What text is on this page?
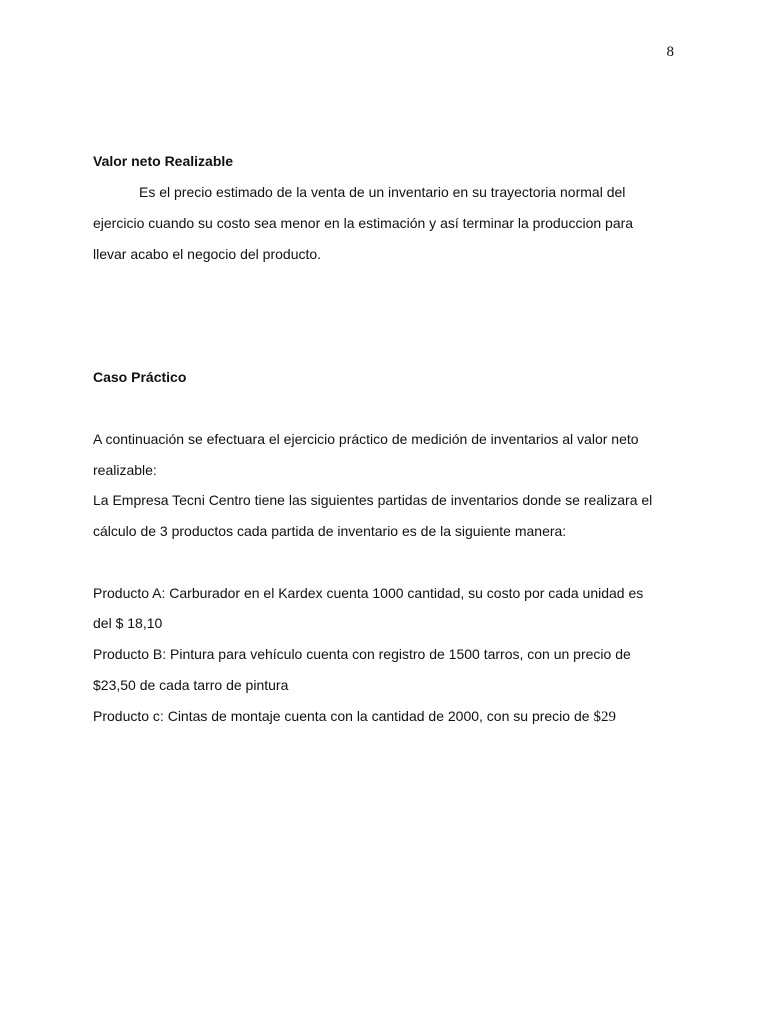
8
Valor neto Realizable
Es el precio estimado de la venta de un inventario en su trayectoria normal del
ejercicio cuando su costo sea menor en la estimación y así terminar la produccion para
llevar acabo el negocio del producto.
Caso Práctico
A continuación se efectuara el ejercicio práctico de medición de inventarios al valor neto
realizable:
La Empresa Tecni Centro tiene las siguientes partidas de inventarios donde se realizara el
cálculo de 3 productos cada partida de inventario es de la siguiente manera:
Producto A: Carburador en el Kardex cuenta 1000 cantidad, su costo por cada unidad es
del $ 18,10
Producto B: Pintura para vehículo cuenta con registro de 1500 tarros, con un precio de
$23,50 de cada tarro de pintura
Producto c: Cintas de montaje cuenta con la cantidad de 2000, con su precio de $29
